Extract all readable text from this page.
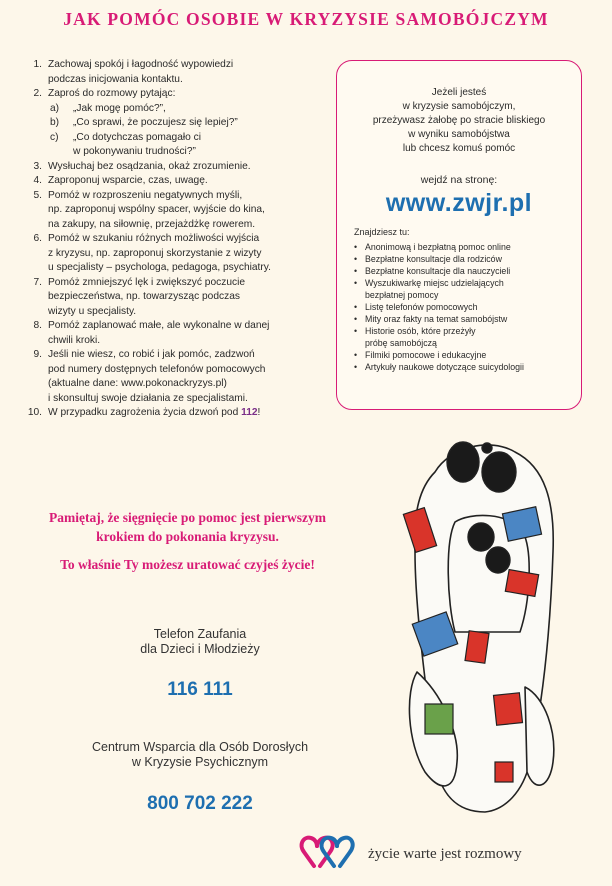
JAK POMÓC OSOBIE W KRYZYSIE SAMOBÓJCZYM
1. Zachowaj spokój i łagodność wypowiedzi
podczas inicjowania kontaktu.
2. Zaproś do rozmowy pytając:
a) „Jak mogę pomóc?”,
b) „Co sprawi, że poczujesz się lepiej?”
c) „Co dotychczas pomagało ci
w pokonywaniu trudności?”
3. Wysłuchaj bez osądzania, okaż zrozumienie.
4. Zaproponuj wsparcie, czas, uwagę.
5. Pomóż w rozproszeniu negatywnych myśli,
np. zaproponuj wspólny spacer, wyjście do kina,
na zakupy, na siłownię, przejażdżkę rowerem.
6. Pomóż w szukaniu różnych możliwości wyjścia
z kryzysu, np. zaproponuj skorzystanie z wizyty
u specjalisty – psychologa, pedagoga, psychiatry.
7. Pomóż zmniejszyć lęk i zwiększyć poczucie
bezpieczeństwa, np. towarzysząc podczas
wizyty u specjalisty.
8. Pomóż zaplanować małe, ale wykonalne w danej
chwili kroki.
9. Jeśli nie wiesz, co robić i jak pomóc, zadzwoń
pod numery dostępnych telefonów pomocowych
(aktualne dane: www.pokonackryzys.pl)
i skonsultuj swoje działania ze specjalistami.
10. W przypadku zagrożenia życia dzwoń pod 112!
Jeżeli jesteś
w kryzysie samobójczym,
przeżywasz żałobę po stracie bliskiego
w wyniku samobójstwa
lub chcesz komuś pomóc
wejdź na stronę:
www.zwjr.pl
Znajdziesz tu:
• Anonimową i bezpłatną pomoc online
• Bezpłatne konsultacje dla rodziców
• Bezpłatne konsultacje dla nauczycieli
• Wyszukiwarkę miejsc udzielających
bezpłatnej pomocy
• Listę telefonów pomocowych
• Mity oraz fakty na temat samobójstw
• Historie osób, które przeżyły
próbę samobójczą
• Filmiki pomocowe i edukacyjne
• Artykuły naukowe dotyczące suicydologii
Pamiętaj, że sięgnięcie po pomoc jest pierwszym
krokiem do pokonania kryzysu.
To właśnie Ty możesz uratować czyjeś życie!
Telefon Zaufania
dla Dzieci i Młodzieży
116 111
Centrum Wsparcia dla Osób Dorosłych
w Kryzysie Psychicznym
800 702 222
życie warte jest rozmowy
